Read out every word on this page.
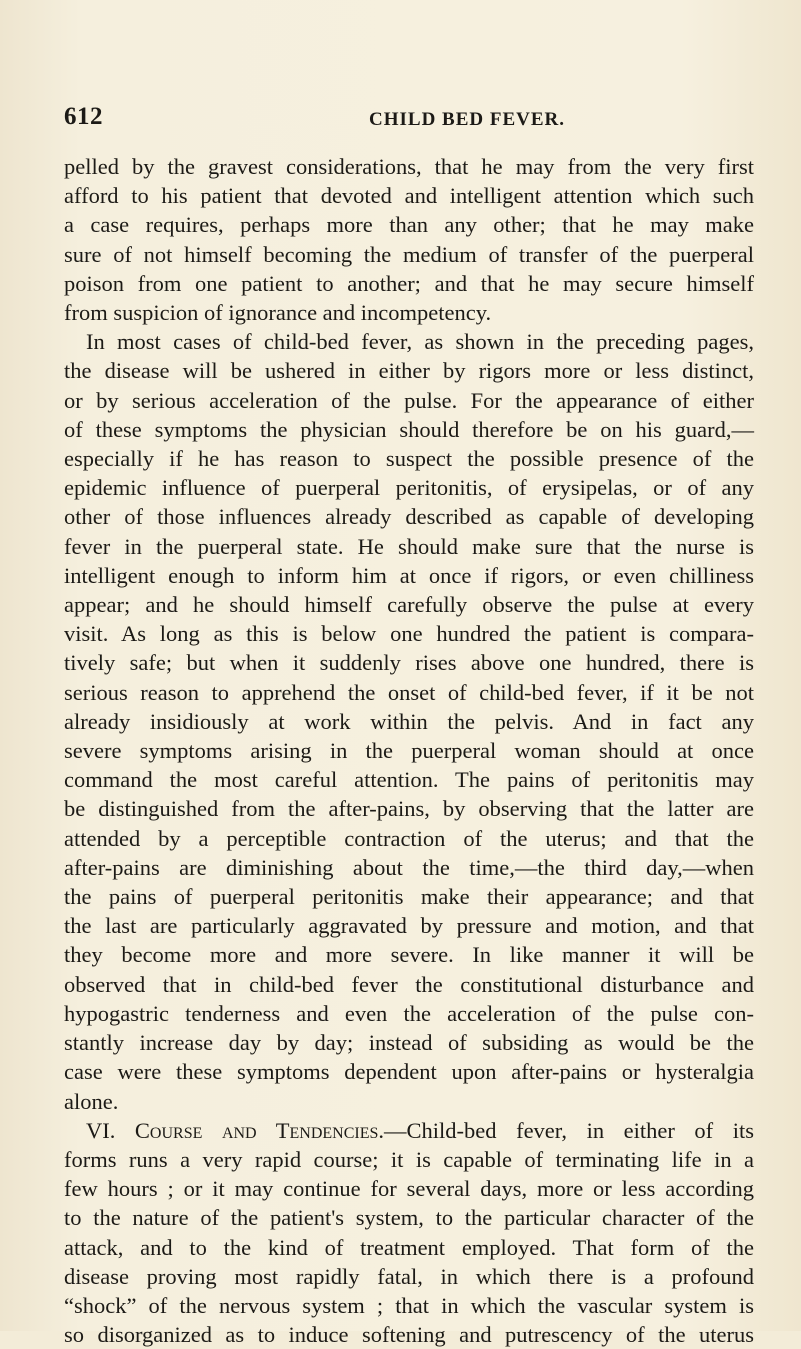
612	CHILD BED FEVER.
pelled by the gravest considerations, that he may from the very first
afford to his patient that devoted and intelligent attention which such
a case requires, perhaps more than any other; that he may make
sure of not himself becoming the medium of transfer of the puerperal
poison from one patient to another; and that he may secure himself
from suspicion of ignorance and incompetency.
In most cases of child-bed fever, as shown in the preceding pages,
the disease will be ushered in either by rigors more or less distinct,
or by serious acceleration of the pulse. For the appearance of either
of these symptoms the physician should therefore be on his guard,—
especially if he has reason to suspect the possible presence of the
epidemic influence of puerperal peritonitis, of erysipelas, or of any
other of those influences already described as capable of developing
fever in the puerperal state. He should make sure that the nurse is
intelligent enough to inform him at once if rigors, or even chilliness
appear; and he should himself carefully observe the pulse at every
visit. As long as this is below one hundred the patient is compara-
tively safe; but when it suddenly rises above one hundred, there is
serious reason to apprehend the onset of child-bed fever, if it be not
already insidiously at work within the pelvis. And in fact any
severe symptoms arising in the puerperal woman should at once
command the most careful attention. The pains of peritonitis may
be distinguished from the after-pains, by observing that the latter are
attended by a perceptible contraction of the uterus; and that the
after-pains are diminishing about the time,—the third day,—when
the pains of puerperal peritonitis make their appearance; and that
the last are particularly aggravated by pressure and motion, and that
they become more and more severe. In like manner it will be
observed that in child-bed fever the constitutional disturbance and
hypogastric tenderness and even the acceleration of the pulse con-
stantly increase day by day; instead of subsiding as would be the
case were these symptoms dependent upon after-pains or hysteralgia
alone.
VI. Course and Tendencies.—Child-bed fever, in either of its
forms runs a very rapid course; it is capable of terminating life in a
few hours ; or it may continue for several days, more or less according
to the nature of the patient's system, to the particular character of the
attack, and to the kind of treatment employed. That form of the
disease proving most rapidly fatal, in which there is a profound
“shock” of the nervous system ; that in which the vascular system is
so disorganized as to induce softening and putrescency of the uterus
